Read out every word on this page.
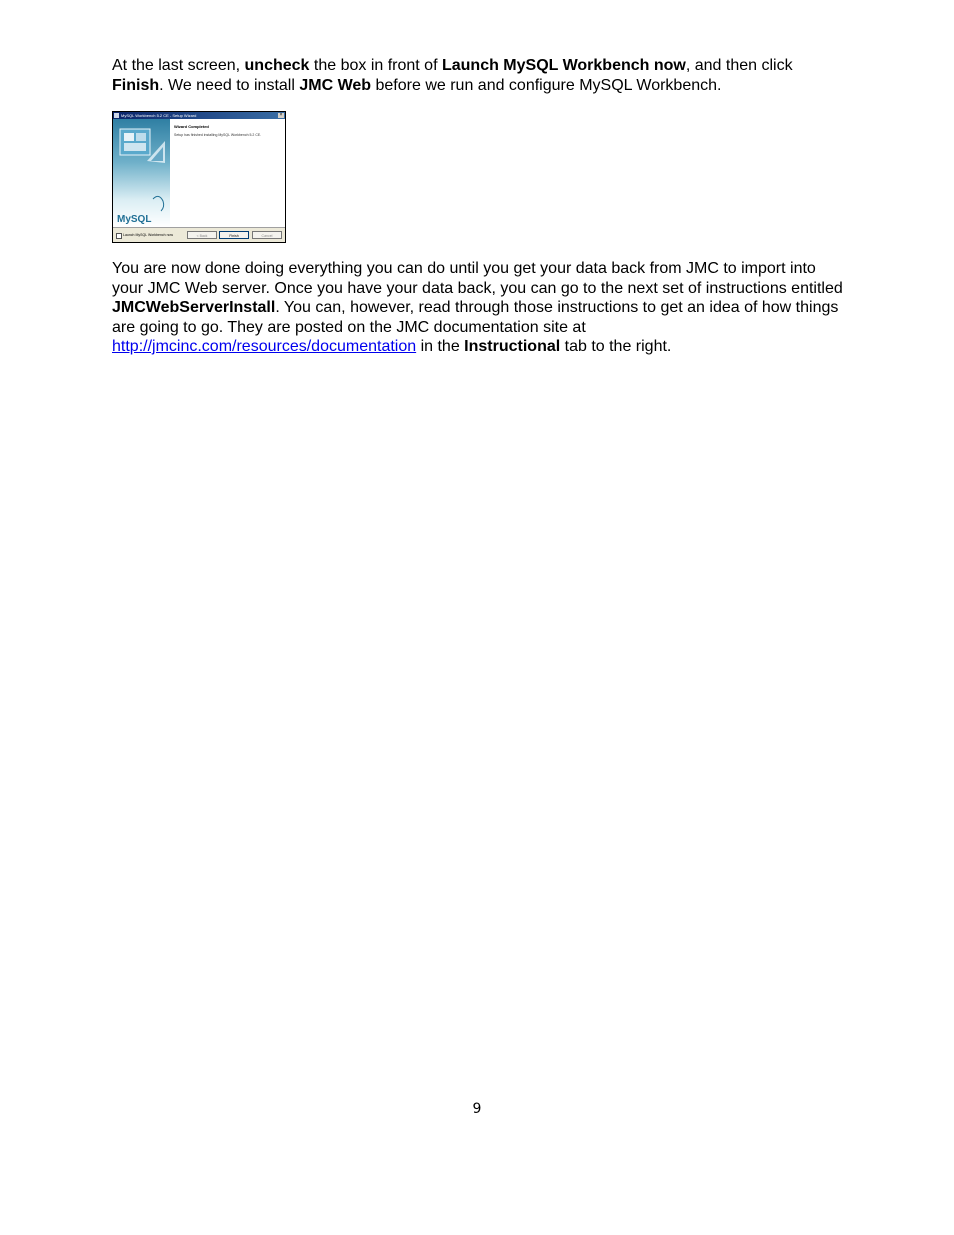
At the last screen, uncheck the box in front of Launch MySQL Workbench now, and then click Finish. We need to install JMC Web before we run and configure MySQL Workbench.

MySQL Workbench 5.2 CE - Setup Wizard	×
MySQL
Wizard Completed
Setup has finished installing MySQL Workbench 5.2 CE.
Launch MySQL Workbench now	< Back	Finish	Cancel

You are now done doing everything you can do until you get your data back from JMC to import into your JMC Web server. Once you have your data back, you can go to the next set of instructions entitled JMCWebServerInstall. You can, however, read through those instructions to get an idea of how things are going to go. They are posted on the JMC documentation site at http://jmcinc.com/resources/documentation in the Instructional tab to the right.

9
